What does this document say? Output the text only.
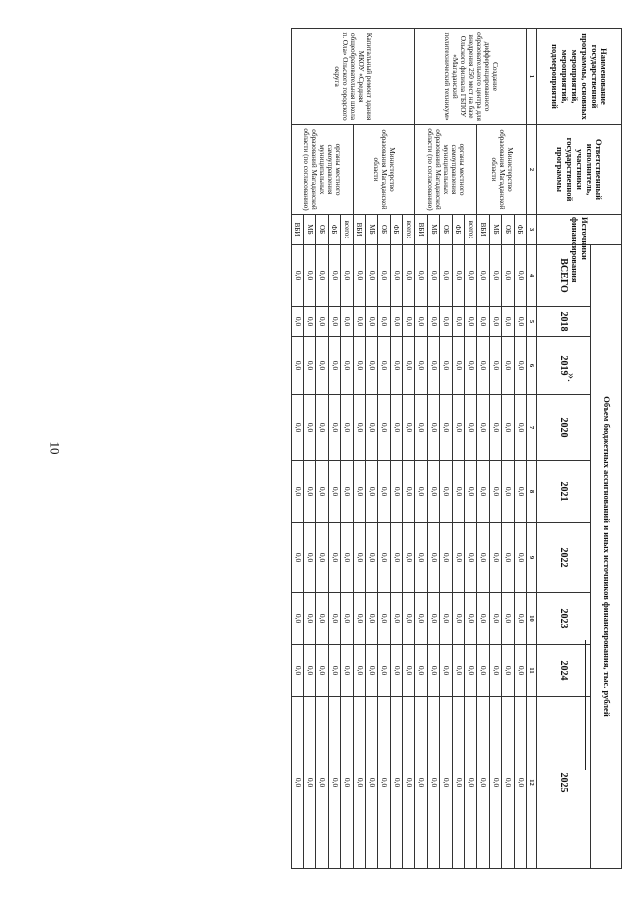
10
Наименование государственной программы, основных мероприятий, мероприятий, подмероприятий	Ответственный исполнитель, участники государственной программы	Источники финансирования	Объем бюджетных ассигнований и иных источников финансирования, тыс. рублей								
			ВСЕГО	2018	2019	2020	2021	2022	2023	2024	2025
1	2	3	4	5	6	7	8	9	10	11	12
Создание дифференцированного образовательного центра для внедрения 250 мест на базе Ольского филиала ГБПОУ «Магаданский политехнический техникум»	Министерство образования Магаданской области	ФБ	0,0	0,0	0,0	0,0	0,0	0,0	0,0	0,0	0,0
		ОБ	0,0	0,0	0,0	0,0	0,0	0,0	0,0	0,0	0,0
		МБ	0,0	0,0	0,0	0,0	0,0	0,0	0,0	0,0	0,0
		ВБИ	0,0	0,0	0,0	0,0	0,0	0,0	0,0	0,0	0,0
	органы местного самоуправления муниципальных образований Магаданской области (по согласованию)	всего:	0,0	0,0	0,0	0,0	0,0	0,0	0,0	0,0	0,0
		ФБ	0,0	0,0	0,0	0,0	0,0	0,0	0,0	0,0	0,0
		ОБ	0,0	0,0	0,0	0,0	0,0	0,0	0,0	0,0	0,0
		МБ	0,0	0,0	0,0	0,0	0,0	0,0	0,0	0,0	0,0
		ВБИ	0,0	0,0	0,0	0,0	0,0	0,0	0,0	0,0	0,0
Капитальный ремонт здания МКОУ «Средняя общеобразовательная школа п. Ола» Ольского городского округа	Министерство образования Магаданской области	всего:	0,0	0,0	0,0	0,0	0,0	0,0	0,0	0,0	0,0
		ФБ	0,0	0,0	0,0	0,0	0,0	0,0	0,0	0,0	0,0
		ОБ	0,0	0,0	0,0	0,0	0,0	0,0	0,0	0,0	0,0
		МБ	0,0	0,0	0,0	0,0	0,0	0,0	0,0	0,0	0,0
		ВБИ	0,0	0,0	0,0	0,0	0,0	0,0	0,0	0,0	0,0
	органы местного самоуправления муниципальных образований Магаданской области (по согласованию)	всего:	0,0	0,0	0,0	0,0	0,0	0,0	0,0	0,0	0,0
		ФБ	0,0	0,0	0,0	0,0	0,0	0,0	0,0	0,0	0,0
		ОБ	0,0	0,0	0,0	0,0	0,0	0,0	0,0	0,0	0,0
		МБ	0,0	0,0	0,0	0,0	0,0	0,0	0,0	0,0	0,0
		ВБИ	0,0	0,0	0,0	0,0	0,0	0,0	0,0	0,0	0,0
».
